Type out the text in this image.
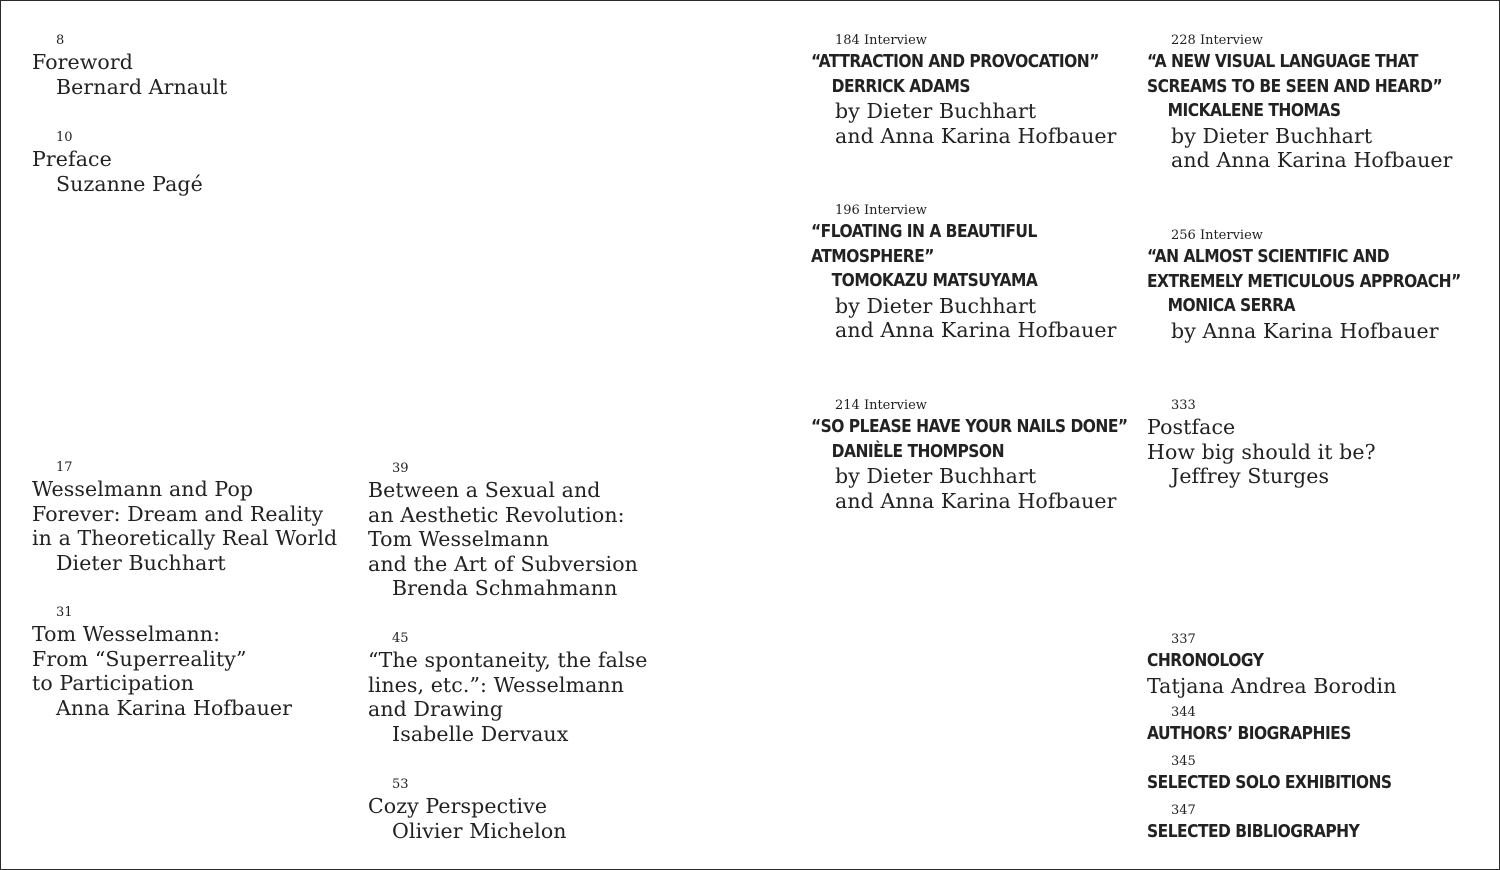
8
Foreword
Bernard Arnault
10
Preface
Suzanne Pagé
17
Wesselmann and Pop
Forever: Dream and Reality
in a Theoretically Real World
Dieter Buchhart
31
Tom Wesselmann:
From “Superreality”
to Participation
Anna Karina Hofbauer
39
Between a Sexual and
an Aesthetic Revolution:
Tom Wesselmann
and the Art of Subversion
Brenda Schmahmann
45
“The spontaneity, the false
lines, etc.”: Wesselmann
and Drawing
Isabelle Dervaux
53
Cozy Perspective
Olivier Michelon
184 Interview
“ATTRACTION AND PROVOCATION”
DERRICK ADAMS
by Dieter Buchhart
and Anna Karina Hofbauer
196 Interview
“FLOATING IN A BEAUTIFUL
ATMOSPHERE”
TOMOKAZU MATSUYAMA
by Dieter Buchhart
and Anna Karina Hofbauer
214 Interview
“SO PLEASE HAVE YOUR NAILS DONE”
DANIÈLE THOMPSON
by Dieter Buchhart
and Anna Karina Hofbauer
228 Interview
“A NEW VISUAL LANGUAGE THAT
SCREAMS TO BE SEEN AND HEARD”
MICKALENE THOMAS
by Dieter Buchhart
and Anna Karina Hofbauer
256 Interview
“AN ALMOST SCIENTIFIC AND
EXTREMELY METICULOUS APPROACH”
MONICA SERRA
by Anna Karina Hofbauer
333
Postface
How big should it be?
Jeffrey Sturges
337
CHRONOLOGY
Tatjana Andrea Borodin
344
AUTHORS’ BIOGRAPHIES
345
SELECTED SOLO EXHIBITIONS
347
SELECTED BIBLIOGRAPHY
